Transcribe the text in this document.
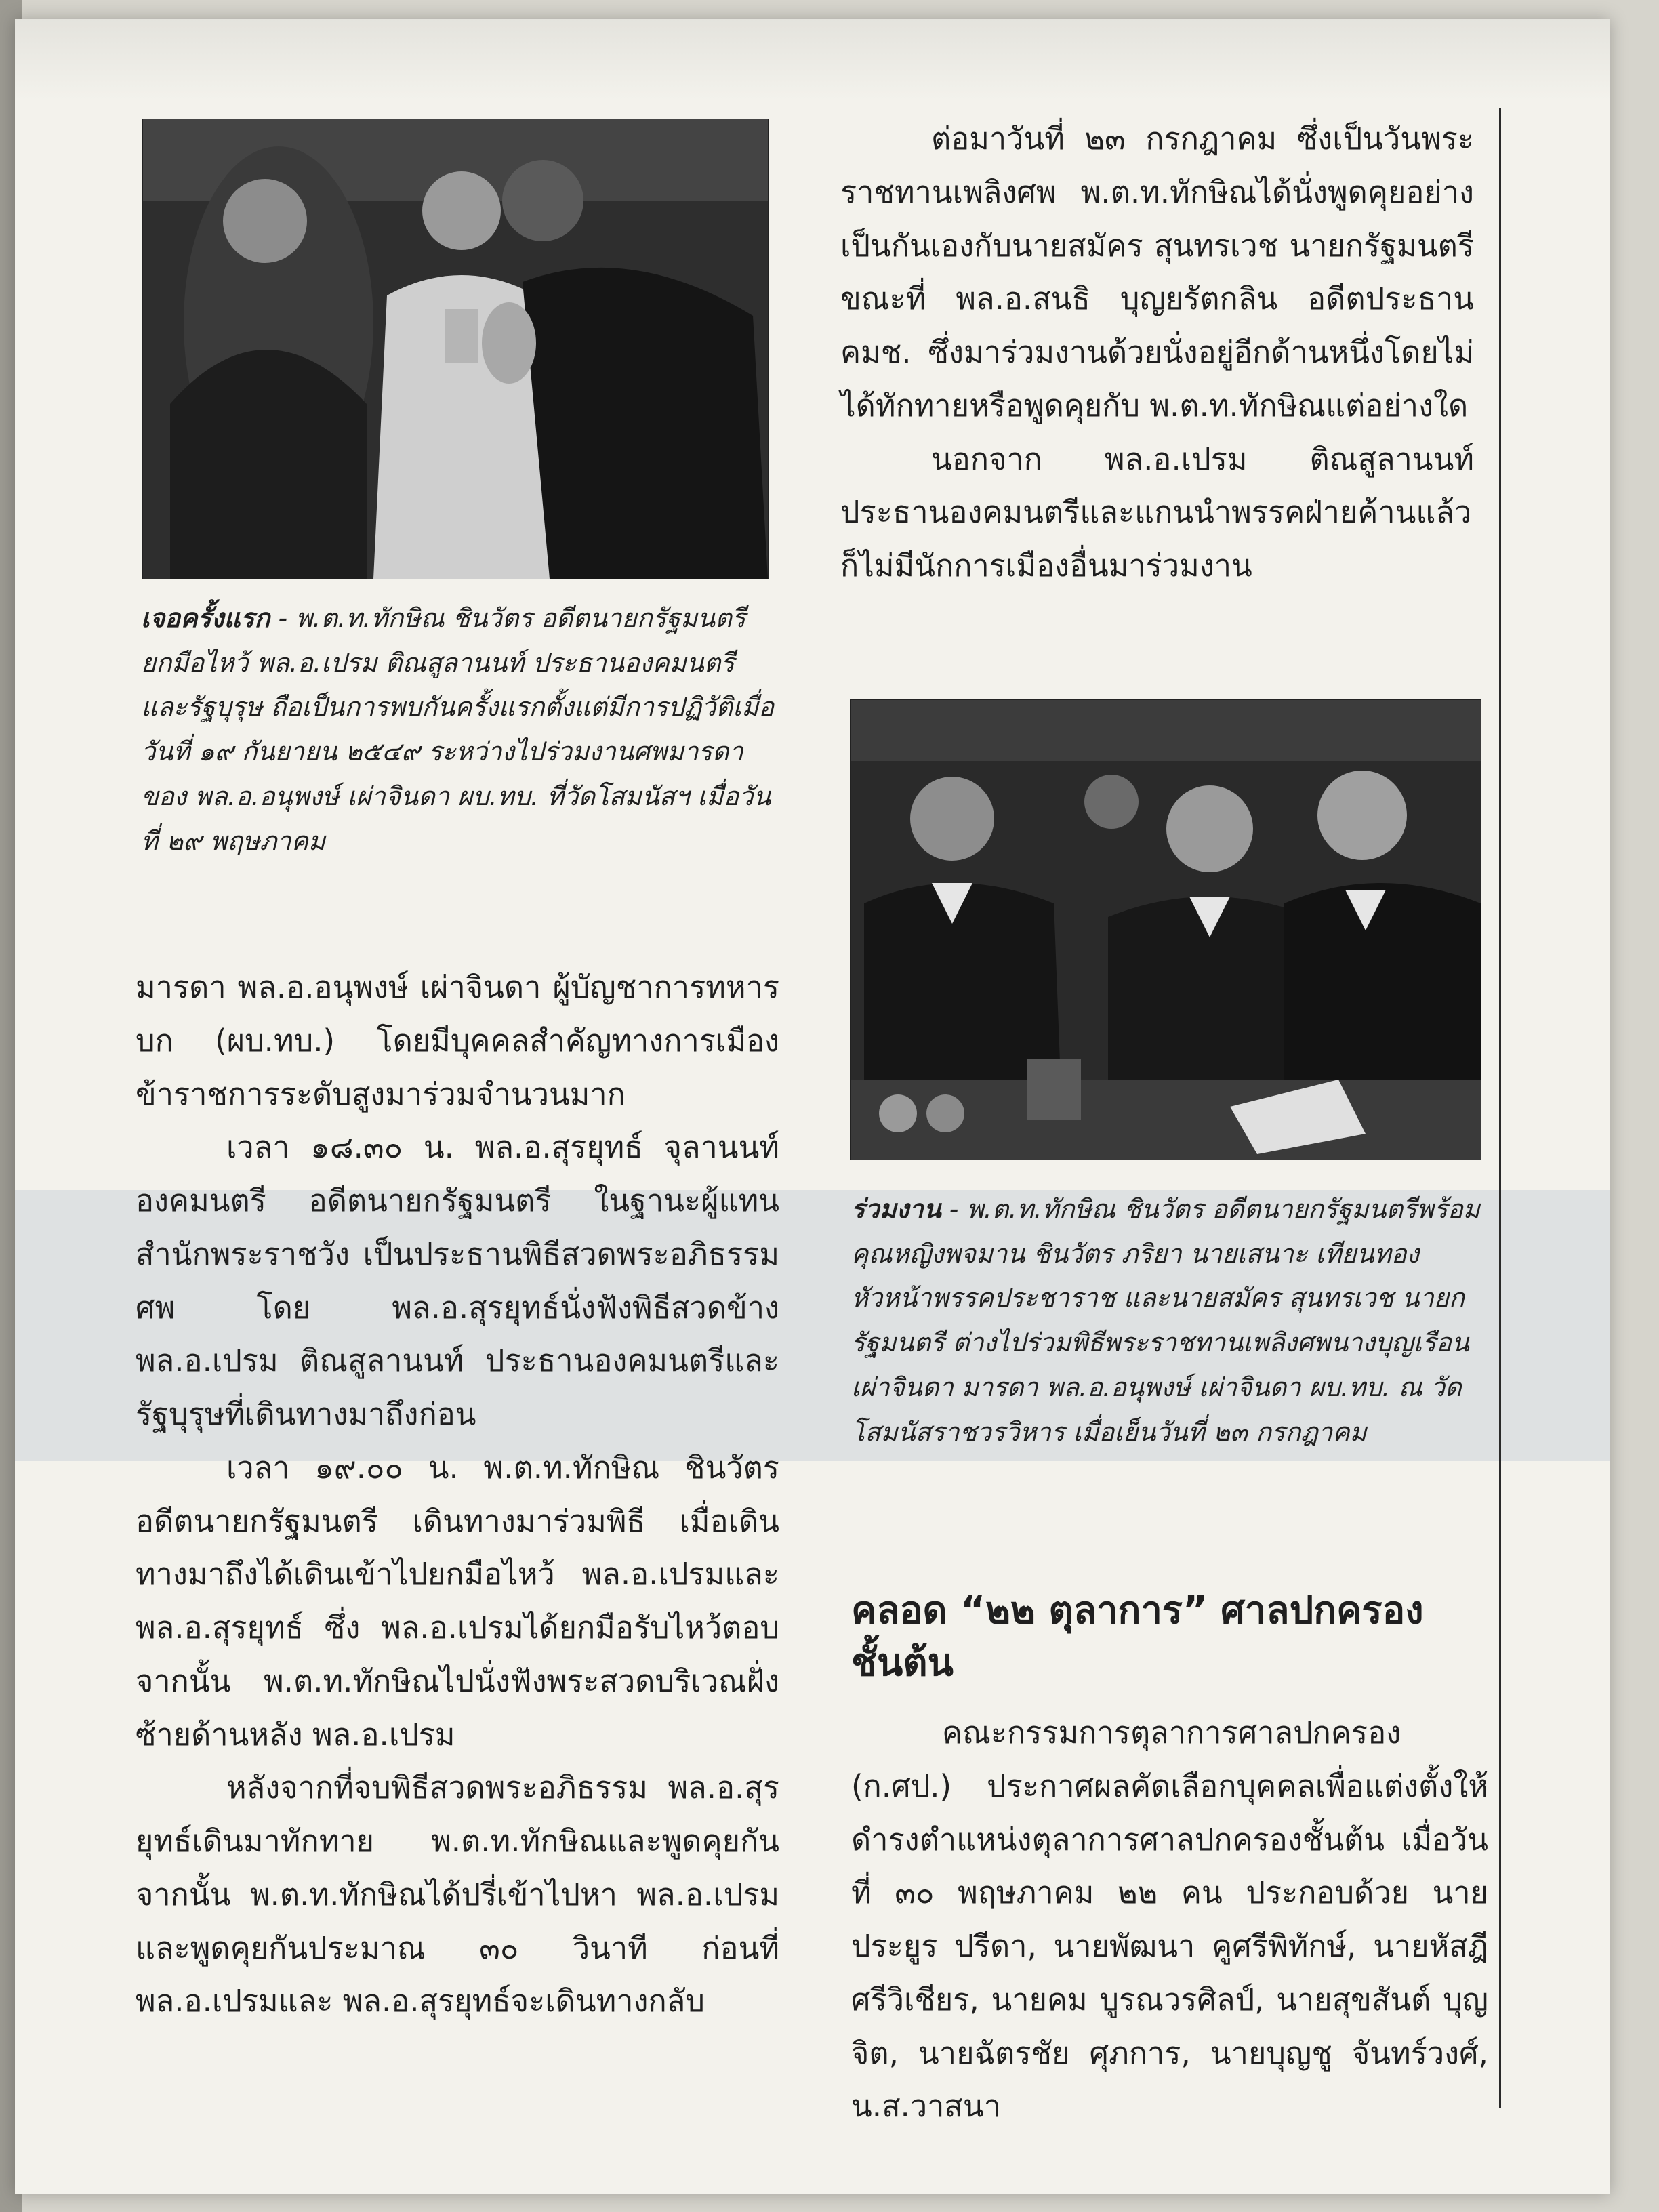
เจอครั้งแรก - พ.ต.ท.ทักษิณ ชินวัตร อดีตนายกรัฐมนตรียกมือไหว้ พล.อ.เปรม ติณสูลานนท์ ประธานองคมนตรีและรัฐบุรุษ ถือเป็นการพบกันครั้งแรกตั้งแต่มีการปฏิวัติเมื่อวันที่ ๑๙ กันยายน ๒๕๔๙ ระหว่างไปร่วมงานศพมารดาของ พล.อ.อนุพงษ์ เผ่าจินดา ผบ.ทบ. ที่วัดโสมนัสฯ เมื่อวันที่ ๒๙ พฤษภาคม

มารดา พล.อ.อนุพงษ์ เผ่าจินดา ผู้บัญชาการทหารบก (ผบ.ทบ.) โดยมีบุคคลสำคัญทางการเมือง ข้าราชการระดับสูงมาร่วมจำนวนมาก

เวลา ๑๘.๓๐ น. พล.อ.สุรยุทธ์ จุลานนท์ องคมนตรี อดีตนายกรัฐมนตรี ในฐานะผู้แทนสำนักพระราชวัง เป็นประธานพิธีสวดพระอภิธรรมศพ โดย พล.อ.สุรยุทธ์นั่งฟังพิธีสวดข้าง พล.อ.เปรม ติณสูลานนท์ ประธานองคมนตรีและรัฐบุรุษที่เดินทางมาถึงก่อน

เวลา ๑๙.๐๐ น. พ.ต.ท.ทักษิณ ชินวัตร อดีตนายกรัฐมนตรี เดินทางมาร่วมพิธี เมื่อเดินทางมาถึงได้เดินเข้าไปยกมือไหว้ พล.อ.เปรมและ พล.อ.สุรยุทธ์ ซึ่ง พล.อ.เปรมได้ยกมือรับไหว้ตอบ จากนั้น พ.ต.ท.ทักษิณไปนั่งฟังพระสวดบริเวณฝั่งซ้ายด้านหลัง พล.อ.เปรม

หลังจากที่จบพิธีสวดพระอภิธรรม พล.อ.สุรยุทธ์เดินมาทักทาย พ.ต.ท.ทักษิณและพูดคุยกัน จากนั้น พ.ต.ท.ทักษิณได้ปรี่เข้าไปหา พล.อ.เปรมและพูดคุยกันประมาณ ๓๐ วินาที ก่อนที่ พล.อ.เปรมและ พล.อ.สุรยุทธ์จะเดินทางกลับ

ต่อมาวันที่ ๒๓ กรกฎาคม ซึ่งเป็นวันพระราชทานเพลิงศพ พ.ต.ท.ทักษิณได้นั่งพูดคุยอย่างเป็นกันเองกับนายสมัคร สุนทรเวช นายกรัฐมนตรี ขณะที่ พล.อ.สนธิ บุญยรัตกลิน อดีตประธาน คมช. ซึ่งมาร่วมงานด้วยนั่งอยู่อีกด้านหนึ่งโดยไม่ได้ทักทายหรือพูดคุยกับ พ.ต.ท.ทักษิณแต่อย่างใด

นอกจาก พล.อ.เปรม ติณสูลานนท์ ประธานองคมนตรีและแกนนำพรรคฝ่ายค้านแล้ว ก็ไม่มีนักการเมืองอื่นมาร่วมงาน

ร่วมงาน - พ.ต.ท.ทักษิณ ชินวัตร อดีตนายกรัฐมนตรีพร้อมคุณหญิงพจมาน ชินวัตร ภริยา นายเสนาะ เทียนทอง หัวหน้าพรรคประชาราช และนายสมัคร สุนทรเวช นายกรัฐมนตรี ต่างไปร่วมพิธีพระราชทานเพลิงศพนางบุญเรือน เผ่าจินดา มารดา พล.อ.อนุพงษ์ เผ่าจินดา ผบ.ทบ. ณ วัดโสมนัสราชวรวิหาร เมื่อเย็นวันที่ ๒๓ กรกฎาคม
คลอด “๒๒ ตุลาการ” ศาลปกครองชั้นต้น

คณะกรรมการตุลาการศาลปกครอง (ก.ศป.) ประกาศผลคัดเลือกบุคคลเพื่อแต่งตั้งให้ดำรงตำแหน่งตุลาการศาลปกครองชั้นต้น เมื่อวันที่ ๓๐ พฤษภาคม ๒๒ คน ประกอบด้วย นายประยูร ปรีดา, นายพัฒนา คูศรีพิทักษ์, นายหัสฎี ศรีวิเชียร, นายคม บูรณวรศิลป์, นายสุขสันต์ บุญจิต, นายฉัตรชัย ศุภการ, นายบุญชู จันทร์วงศ์, น.ส.วาสนา
